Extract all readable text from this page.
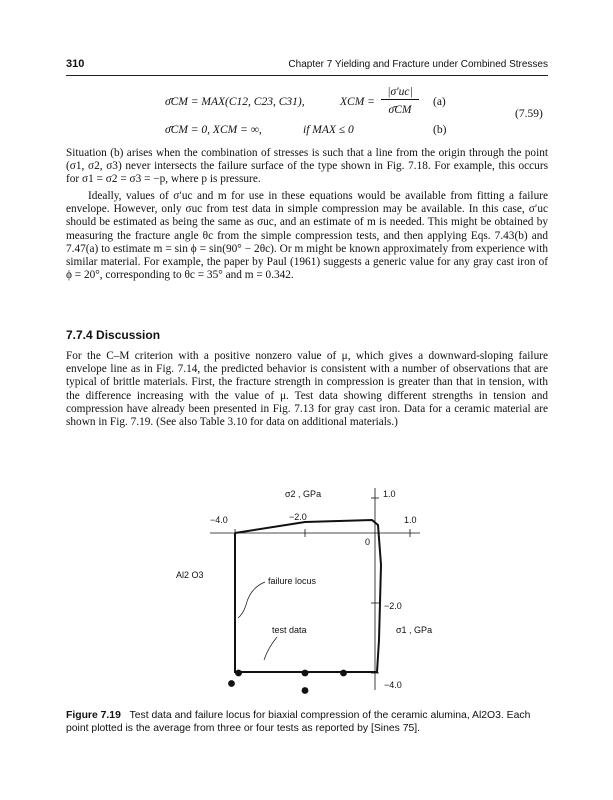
310	Chapter 7 Yielding and Fracture under Combined Stresses
σ̄CM = MAX(C12, C23, C31),	XCM =
|σ′uc|
σ̄CM
(a)
(7.59)
σ̄CM = 0, XCM = ∞,	if MAX ≤ 0	(b)

Situation (b) arises when the combination of stresses is such that a line from the origin through the point (σ1, σ2, σ3) never intersects the failure surface of the type shown in Fig. 7.18. For example, this occurs for σ1 = σ2 = σ3 = −p, where p is pressure.

Ideally, values of σ′uc and m for use in these equations would be available from fitting a failure envelope. However, only σuc from test data in simple compression may be available. In this case, σ′uc should be estimated as being the same as σuc, and an estimate of m is needed. This might be obtained by measuring the fracture angle θc from the simple compression tests, and then applying Eqs. 7.43(b) and 7.47(a) to estimate m = sin ϕ = sin(90° − 2θc). Or m might be known approximately from experience with similar material. For example, the paper by Paul (1961) suggests a generic value for any gray cast iron of ϕ = 20°, corresponding to θc = 35° and m = 0.342.

7.7.4 Discussion

For the C–M criterion with a positive nonzero value of μ, which gives a downward-sloping failure envelope line as in Fig. 7.14, the predicted behavior is consistent with a number of observations that are typical of brittle materials. First, the fracture strength in compression is greater than that in tension, with the difference increasing with the value of μ. Test data showing different strengths in tension and compression have already been presented in Fig. 7.13 for gray cast iron. Data for a ceramic material are shown in Fig. 7.19. (See also Table 3.10 for data on additional materials.)

σ2 , GPa
σ1 , GPa
1.0
−4.0	−2.0	1.0
0
−2.0
−4.0
Al2 O3
failure locus
test data

Figure 7.19 Test data and failure locus for biaxial compression of the ceramic alumina, Al2O3. Each point plotted is the average from three or four tests as reported by [Sines 75].
